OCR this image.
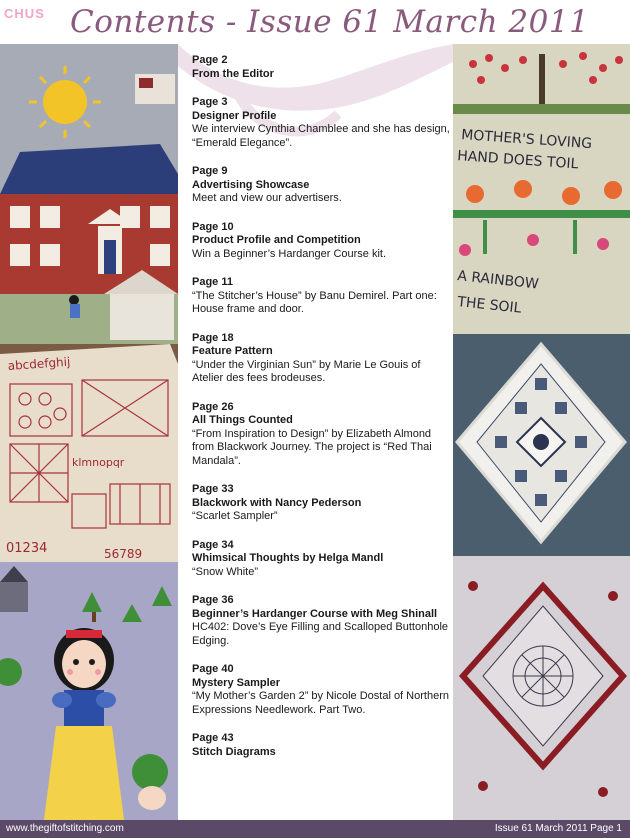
CHUS Contents - Issue 61 March 2011
abcdefghij
klmnopqr
01234	56789
MOTHER'S LOVING
HAND DOES TOIL
A RAINBOW
THE SOIL
Page 2
From the Editor
Page 3
Designer Profile
We interview Cynthia Chamblee and she has design, “Emerald Elegance”.
Page 9
Advertising Showcase
Meet and view our advertisers.
Page 10
Product Profile and Competition
Win a Beginner’s Hardanger Course kit.
Page 11
“The Stitcher’s House” by Banu Demirel. Part one: House frame and door.
Page 18
Feature Pattern
“Under the Virginian Sun” by Marie Le Gouis of Atelier des fees brodeuses.
Page 26
All Things Counted
“From Inspiration to Design” by Elizabeth Almond from Blackwork Journey. The project is “Red Thai Mandala”.
Page 33
Blackwork with Nancy Pederson
“Scarlet Sampler”
Page 34
Whimsical Thoughts by Helga Mandl
“Snow White”
Page 36
Beginner’s Hardanger Course with Meg Shinall
HC402: Dove’s Eye Filling and Scalloped Buttonhole Edging.
Page 40
Mystery Sampler
“My Mother’s Garden 2” by Nicole Dostal of Northern Expressions Needlework. Part Two.
Page 43
Stitch Diagrams
www.thegiftofstitching.com	Issue 61 March 2011 Page 1
